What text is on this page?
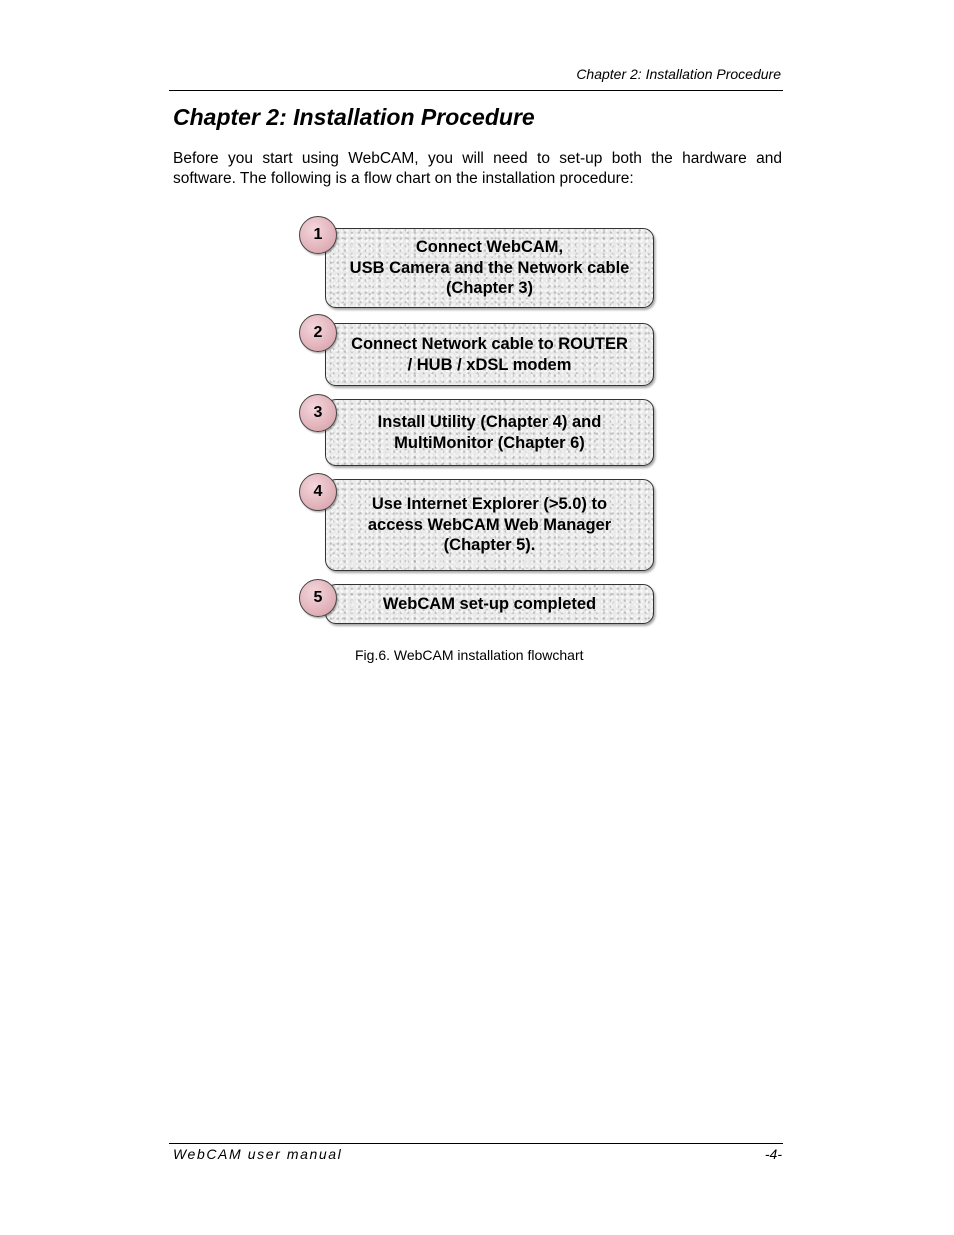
Chapter 2: Installation Procedure
Chapter 2: Installation Procedure
Before you start using WebCAM, you will need to set-up both the hardware and software. The following is a flow chart on the installation procedure:
Connect WebCAM,
USB Camera and the Network cable
(Chapter 3)
1
Connect Network cable to ROUTER
/ HUB / xDSL modem
2
Install Utility (Chapter 4) and
MultiMonitor (Chapter 6)
3
Use Internet Explorer (>5.0) to
access WebCAM Web Manager
(Chapter 5).
4
WebCAM set-up completed
5
Fig.6. WebCAM installation flowchart
WebCAM user manual	-4-
